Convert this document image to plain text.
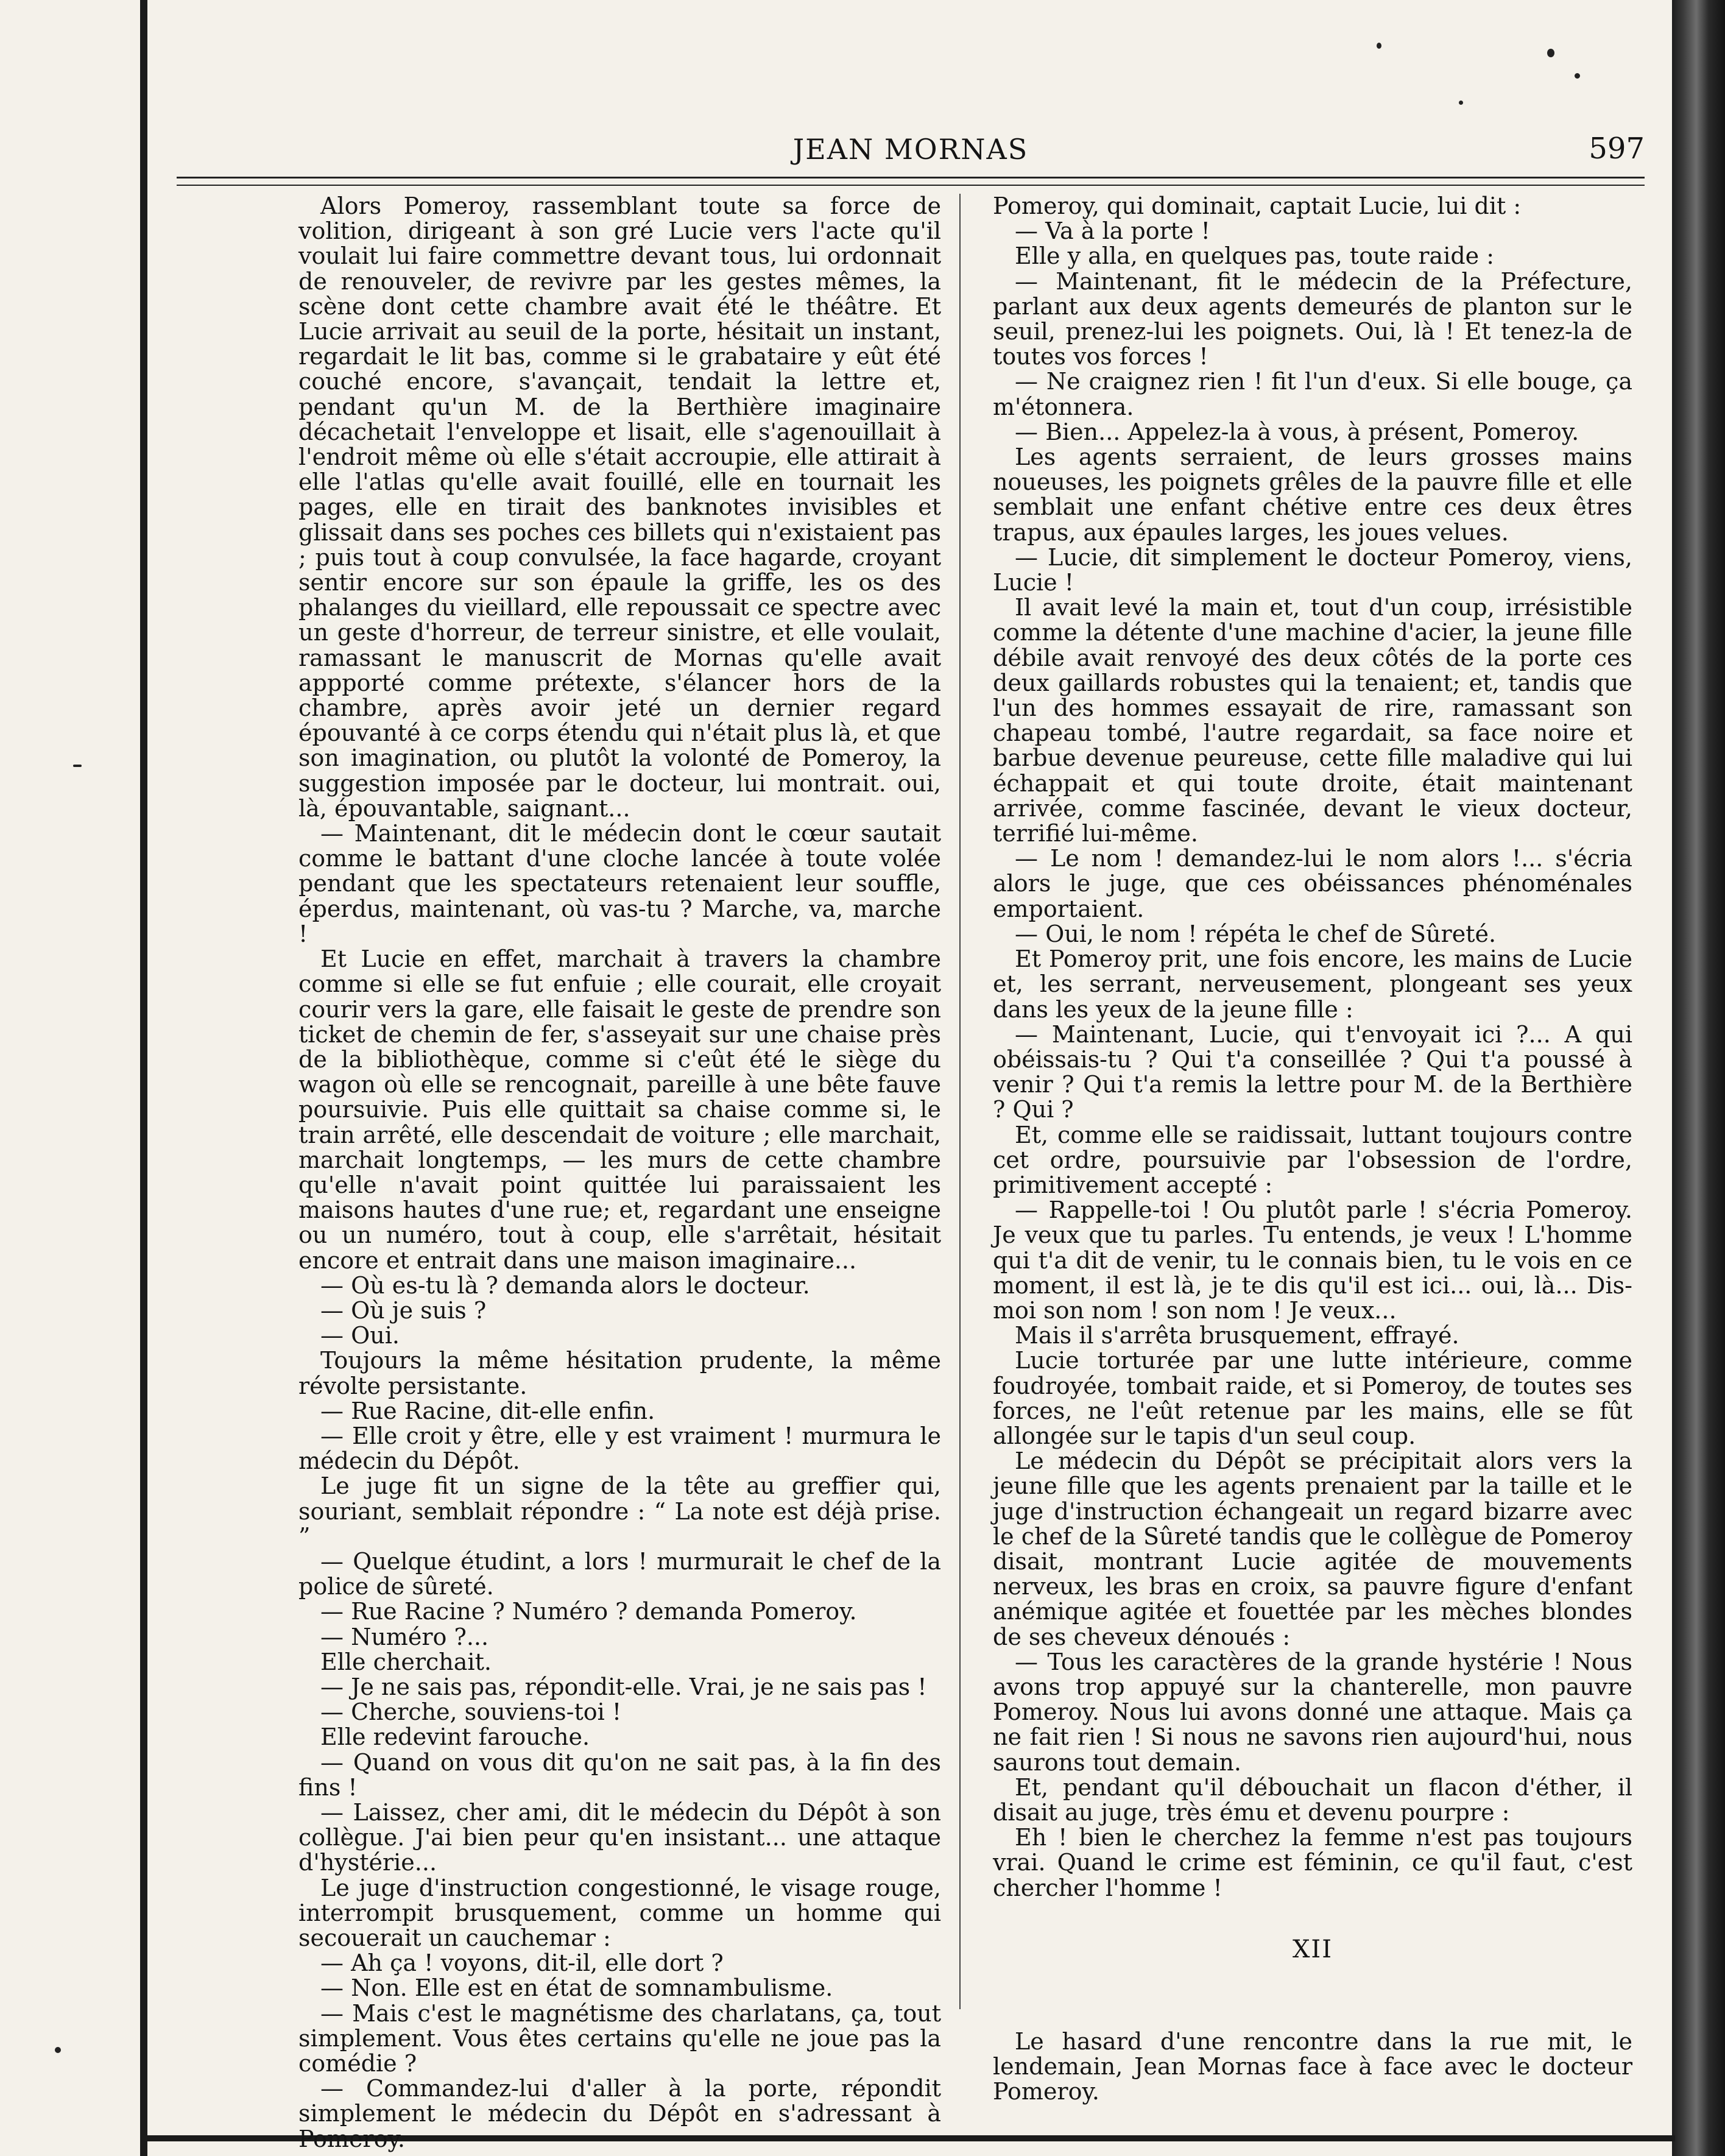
JEAN MORNAS	597

Alors Pomeroy, rassemblant toute sa force de volition, dirigeant à son gré Lucie vers l'acte qu'il voulait lui faire commettre devant tous, lui ordonnait de renouveler, de revivre par les gestes mêmes, la scène dont cette chambre avait été le théâtre. Et Lucie arrivait au seuil de la porte, hésitait un instant, regardait le lit bas, comme si le grabataire y eût été couché encore, s'avançait, tendait la lettre et, pendant qu'un M. de la Berthière imaginaire décachetait l'enveloppe et lisait, elle s'agenouillait à l'endroit même où elle s'était accroupie, elle attirait à elle l'atlas qu'elle avait fouillé, elle en tournait les pages, elle en tirait des banknotes invisibles et glissait dans ses poches ces billets qui n'existaient pas ; puis tout à coup convulsée, la face hagarde, croyant sentir encore sur son épaule la griffe, les os des phalanges du vieillard, elle repoussait ce spectre avec un geste d'horreur, de terreur sinistre, et elle voulait, ramassant le manuscrit de Mornas qu'elle avait appporté comme prétexte, s'élancer hors de la chambre, après avoir jeté un dernier regard épouvanté à ce corps étendu qui n'était plus là, et que son imagination, ou plutôt la volonté de Pomeroy, la suggestion imposée par le docteur, lui montrait. oui, là, épouvantable, saignant...

— Maintenant, dit le médecin dont le cœur sautait comme le battant d'une cloche lancée à toute volée pendant que les spectateurs retenaient leur souffle, éperdus, maintenant, où vas-tu ? Marche, va, marche !

Et Lucie en effet, marchait à travers la chambre comme si elle se fut enfuie ; elle courait, elle croyait courir vers la gare, elle faisait le geste de prendre son ticket de chemin de fer, s'asseyait sur une chaise près de la bibliothèque, comme si c'eût été le siège du wagon où elle se rencognait, pareille à une bête fauve poursuivie. Puis elle quittait sa chaise comme si, le train arrêté, elle descendait de voiture ; elle marchait, marchait longtemps, — les murs de cette chambre qu'elle n'avait point quittée lui paraissaient les maisons hautes d'une rue; et, regardant une enseigne ou un numéro, tout à coup, elle s'arrêtait, hésitait encore et entrait dans une maison imaginaire...

— Où es-tu là ? demanda alors le docteur.

— Où je suis ?

— Oui.

Toujours la même hésitation prudente, la même révolte persistante.

— Rue Racine, dit-elle enfin.

— Elle croit y être, elle y est vraiment ! murmura le médecin du Dépôt.

Le juge fit un signe de la tête au greffier qui, souriant, semblait répondre : “ La note est déjà prise. ”

— Quelque étudint, a lors ! murmurait le chef de la police de sûreté.

— Rue Racine ? Numéro ? demanda Pomeroy.

— Numéro ?...

Elle cherchait.

— Je ne sais pas, répondit-elle. Vrai, je ne sais pas !

— Cherche, souviens-toi !

Elle redevint farouche.

— Quand on vous dit qu'on ne sait pas, à la fin des fins !

— Laissez, cher ami, dit le médecin du Dépôt à son collègue. J'ai bien peur qu'en insistant... une attaque d'hystérie...

Le juge d'instruction congestionné, le visage rouge, interrompit brusquement, comme un homme qui secouerait un cauchemar :

— Ah ça ! voyons, dit-il, elle dort ?

— Non. Elle est en état de somnambulisme.

— Mais c'est le magnétisme des charlatans, ça, tout simplement. Vous êtes certains qu'elle ne joue pas la comédie ?

— Commandez-lui d'aller à la porte, répondit simplement le médecin du Dépôt en s'adressant à Pomeroy.

Pomeroy, qui dominait, captait Lucie, lui dit :

— Va à la porte !

Elle y alla, en quelques pas, toute raide :

— Maintenant, fit le médecin de la Préfecture, parlant aux deux agents demeurés de planton sur le seuil, prenez-lui les poignets. Oui, là ! Et tenez-la de toutes vos forces !

— Ne craignez rien ! fit l'un d'eux. Si elle bouge, ça m'étonnera.

— Bien... Appelez-la à vous, à présent, Pomeroy.

Les agents serraient, de leurs grosses mains noueuses, les poignets grêles de la pauvre fille et elle semblait une enfant chétive entre ces deux êtres trapus, aux épaules larges, les joues velues.

— Lucie, dit simplement le docteur Pomeroy, viens, Lucie !

Il avait levé la main et, tout d'un coup, irrésistible comme la détente d'une machine d'acier, la jeune fille débile avait renvoyé des deux côtés de la porte ces deux gaillards robustes qui la tenaient; et, tandis que l'un des hommes essayait de rire, ramassant son chapeau tombé, l'autre regardait, sa face noire et barbue devenue peureuse, cette fille maladive qui lui échappait et qui toute droite, était maintenant arrivée, comme fascinée, devant le vieux docteur, terrifié lui-même.

— Le nom ! demandez-lui le nom alors !... s'écria alors le juge, que ces obéissances phénoménales emportaient.

— Oui, le nom ! répéta le chef de Sûreté.

Et Pomeroy prit, une fois encore, les mains de Lucie et, les serrant, nerveusement, plongeant ses yeux dans les yeux de la jeune fille :

— Maintenant, Lucie, qui t'envoyait ici ?... A qui obéissais-tu ? Qui t'a conseillée ? Qui t'a poussé à venir ? Qui t'a remis la lettre pour M. de la Berthière ? Qui ?

Et, comme elle se raidissait, luttant toujours contre cet ordre, poursuivie par l'obsession de l'ordre, primitivement accepté :

— Rappelle-toi ! Ou plutôt parle ! s'écria Pomeroy. Je veux que tu parles. Tu entends, je veux ! L'homme qui t'a dit de venir, tu le connais bien, tu le vois en ce moment, il est là, je te dis qu'il est ici... oui, là... Dis-moi son nom ! son nom ! Je veux...

Mais il s'arrêta brusquement, effrayé.

Lucie torturée par une lutte intérieure, comme foudroyée, tombait raide, et si Pomeroy, de toutes ses forces, ne l'eût retenue par les mains, elle se fût allongée sur le tapis d'un seul coup.

Le médecin du Dépôt se précipitait alors vers la jeune fille que les agents prenaient par la taille et le juge d'instruction échangeait un regard bizarre avec le chef de la Sûreté tandis que le collègue de Pomeroy disait, montrant Lucie agitée de mouvements nerveux, les bras en croix, sa pauvre figure d'enfant anémique agitée et fouettée par les mèches blondes de ses cheveux dénoués :

— Tous les caractères de la grande hystérie ! Nous avons trop appuyé sur la chanterelle, mon pauvre Pomeroy. Nous lui avons donné une attaque. Mais ça ne fait rien ! Si nous ne savons rien aujourd'hui, nous saurons tout demain.

Et, pendant qu'il débouchait un flacon d'éther, il disait au juge, très ému et devenu pourpre :

Eh ! bien le cherchez la femme n'est pas toujours vrai. Quand le crime est féminin, ce qu'il faut, c'est chercher l'homme !

XII

Le hasard d'une rencontre dans la rue mit, le lendemain, Jean Mornas face à face avec le docteur Pomeroy.
